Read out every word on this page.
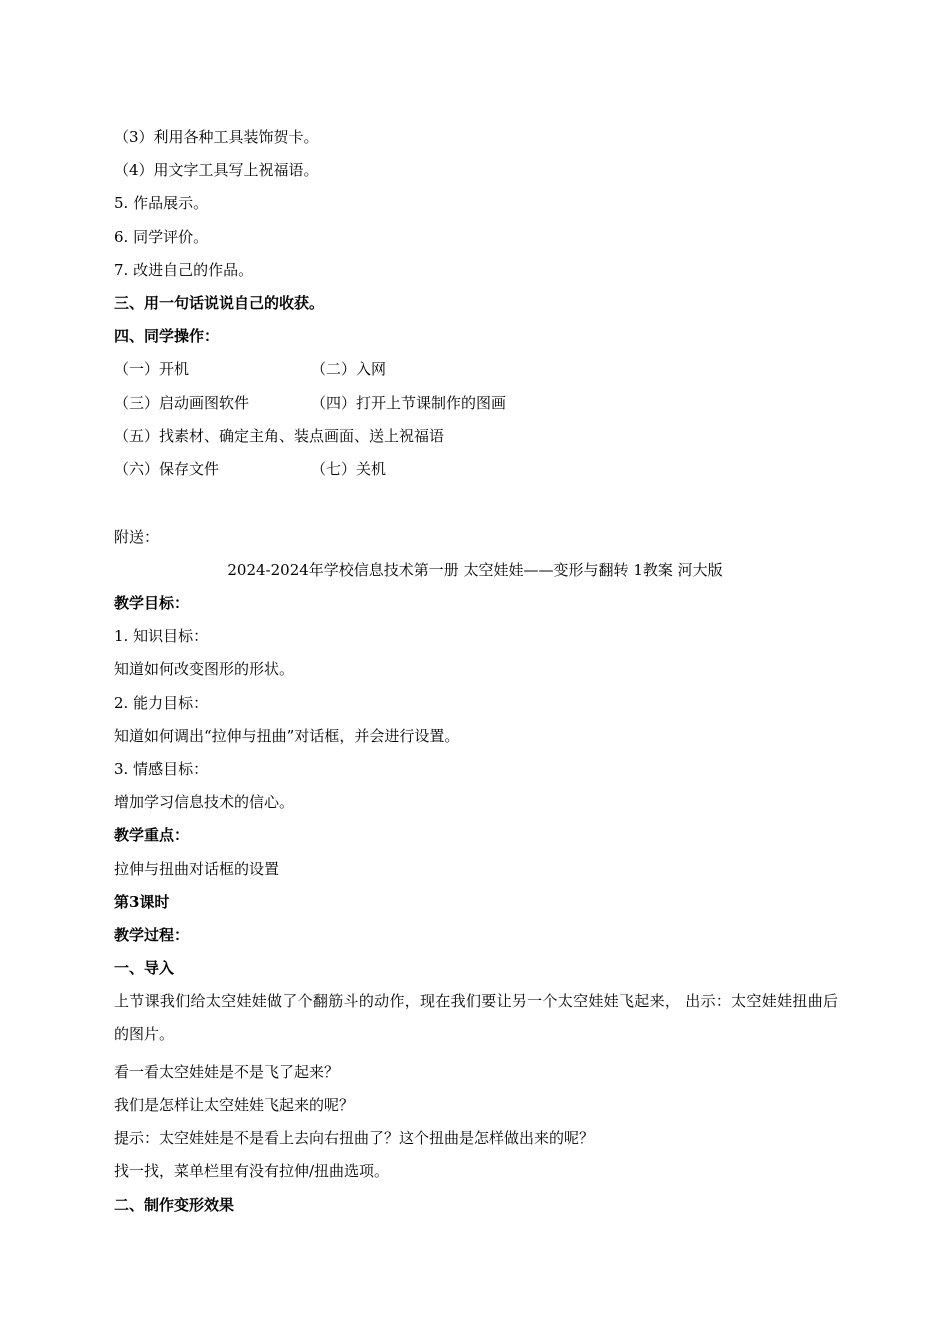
（3）利用各种工具装饰贺卡。
（4）用文字工具写上祝福语。
5. 作品展示。
6. 同学评价。
7. 改进自己的作品。
三、用一句话说说自己的收获。
四、同学操作：
（一）开机	（二）入网
（三）启动画图软件	（四）打开上节课制作的图画
（五）找素材、确定主角、装点画面、送上祝福语
（六）保存文件	（七）关机
附送：
2024-2024年学校信息技术第一册 太空娃娃——变形与翻转 1教案 河大版
教学目标：
1. 知识目标：
知道如何改变图形的形状。
2. 能力目标：
知道如何调出“拉伸与扭曲”对话框，并会进行设置。
3. 情感目标：
增加学习信息技术的信心。
教学重点：
拉伸与扭曲对话框的设置
第3课时
教学过程：
一、导入
上节课我们给太空娃娃做了个翻筋斗的动作，现在我们要让另一个太空娃娃飞起来， 出示：太空娃娃扭曲后的图片。
看一看太空娃娃是不是飞了起来？
我们是怎样让太空娃娃飞起来的呢？
提示：太空娃娃是不是看上去向右扭曲了？这个扭曲是怎样做出来的呢？
找一找，菜单栏里有没有拉伸/扭曲选项。
二、制作变形效果
